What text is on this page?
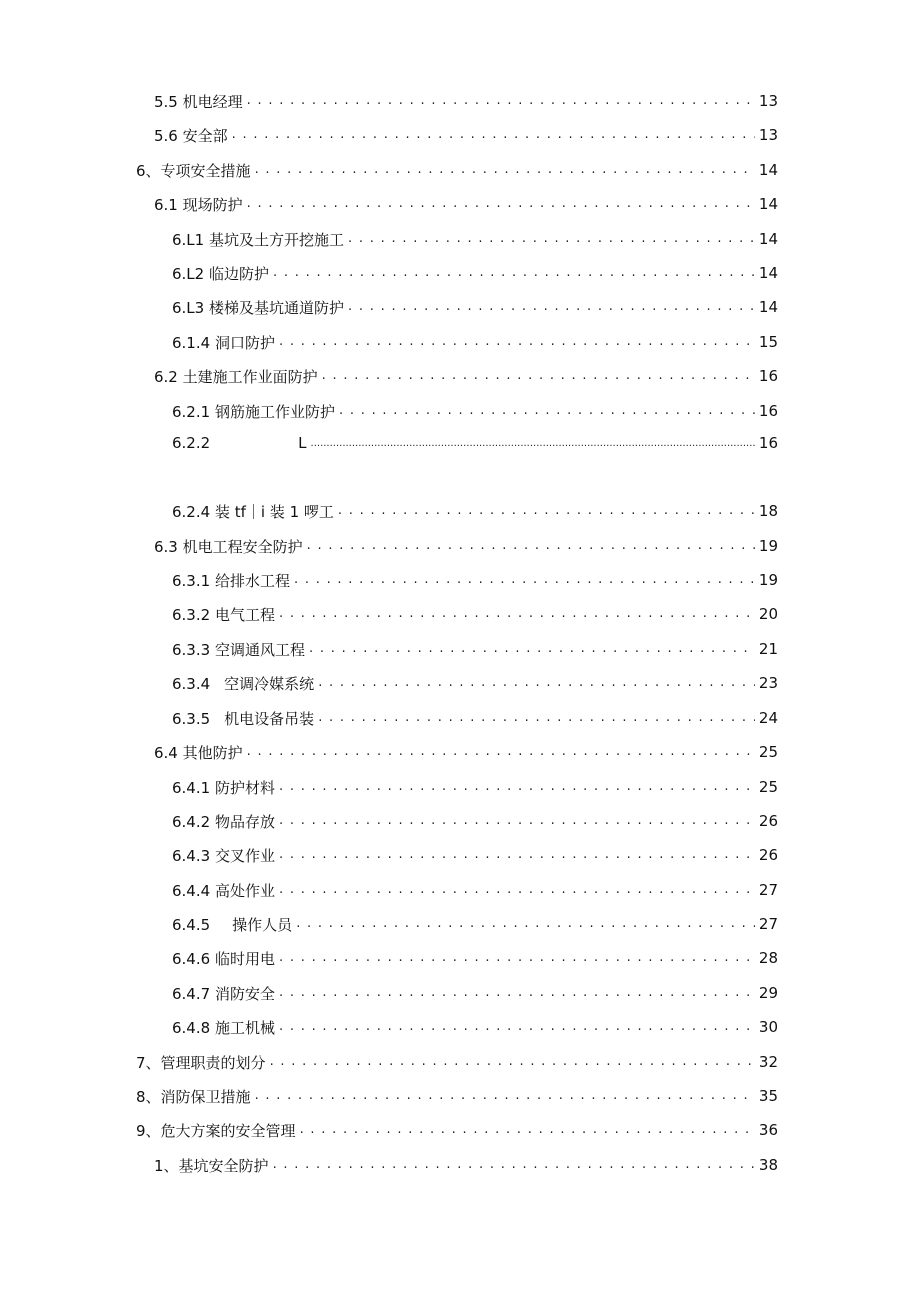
5.5 机电经理 . . .	13
5.6 安全部 . . .	13
6、专项安全措施 . . .	14
6.1 现场防护 . . .	14
6.L1 基坑及土方开挖施工 . . .	14
6.L2 临边防护 . . .	14
6.L3 楼梯及基坑通道防护 . . .	14
6.1.4 洞口防护 . . .	15
6.2 土建施工作业面防护 . . .	16
6.2.1 钢筋施工作业防护 . . .	16
6.2.2	L .....	16
6.2.4 装 tf｜i 装 1 啰工 . . .	18
6.3 机电工程安全防护 . . .	19
6.3.1 给排水工程 . . .	19
6.3.2 电气工程 . . .	20
6.3.3 空调通风工程 . . .	21
6.3.4 空调冷媒系统 . . .	23
6.3.5 机电设备吊装 . . .	24
6.4 其他防护 . . .	25
6.4.1 防护材料 . . .	25
6.4.2 物品存放 . . .	26
6.4.3 交叉作业 . . .	26
6.4.4 高处作业 . . .	27
6.4.5 操作人员 . . .	27
6.4.6 临时用电 . . .	28
6.4.7 消防安全 . . .	29
6.4.8 施工机械 . . .	30
7、管理职责的划分 . . .	32
8、消防保卫措施 . . .	35
9、危大方案的安全管理 . . .	36
1、基坑安全防护 . . .	38
